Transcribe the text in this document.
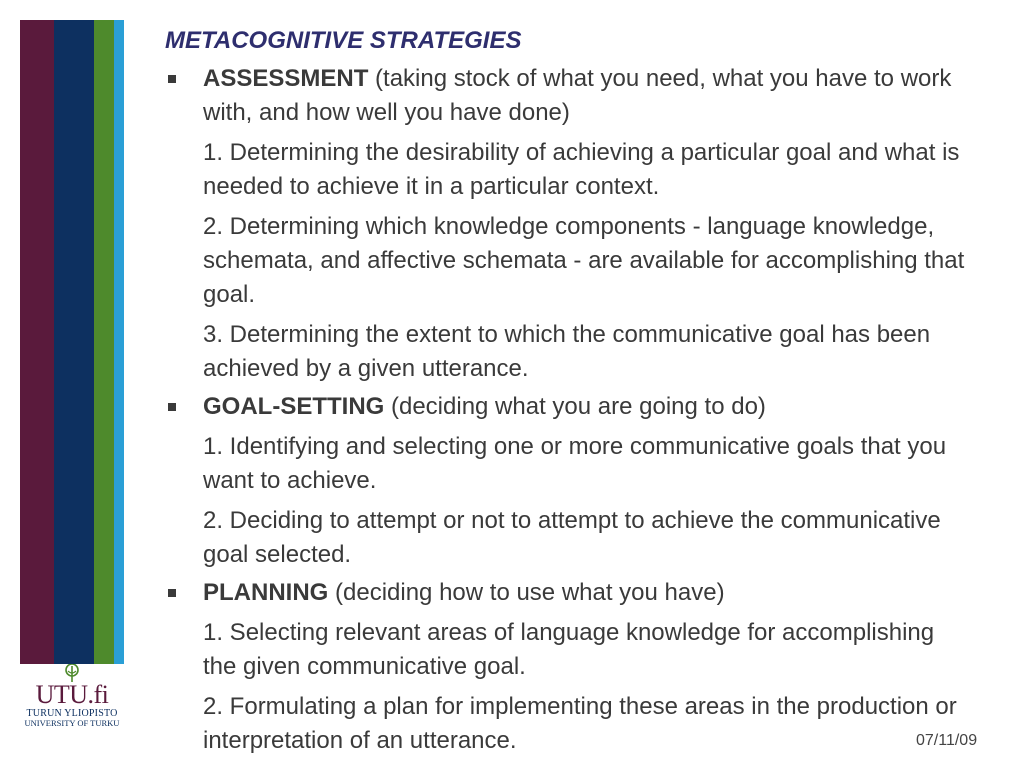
UTU.fi
TURUN YLIOPISTO
UNIVERSITY OF TURKU
METACOGNITIVE STRATEGIES
ASSESSMENT (taking stock of what you need, what you have to work with, and how well you have done)
1. Determining the desirability of achieving a particular goal and what is needed to achieve it in a particular context.
2. Determining which knowledge components - language knowledge, schemata, and affective schemata - are available for accomplishing that goal.
3. Determining the extent to which the communicative goal has been achieved by a given utterance.
GOAL-SETTING (deciding what you are going to do)
1. Identifying and selecting one or more communicative goals that you want to achieve.
2. Deciding to attempt or not to attempt to achieve the communicative goal selected.
PLANNING (deciding how to use what you have)
1. Selecting relevant areas of language knowledge for accomplishing the given communicative goal.
2. Formulating a plan for implementing these areas in the production or interpretation of an utterance.	07/11/09
